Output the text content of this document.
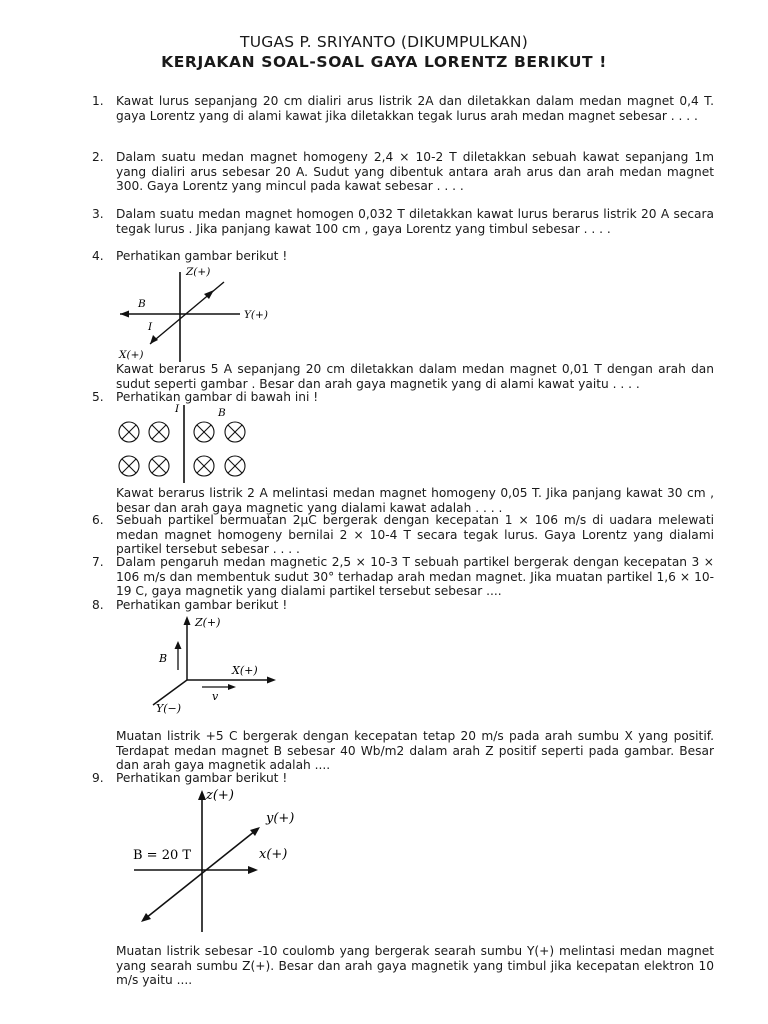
TUGAS P. SRIYANTO (DIKUMPULKAN)
KERJAKAN SOAL-SOAL GAYA LORENTZ BERIKUT !
1.	Kawat lurus sepanjang 20 cm dialiri arus listrik 2A dan diletakkan dalam medan magnet 0,4 T. gaya Lorentz yang di alami kawat jika diletakkan tegak lurus arah medan magnet sebesar . . . .
2.	Dalam suatu medan magnet homogeny 2,4 × 10-2 T diletakkan sebuah kawat sepanjang 1m yang dialiri arus sebesar 20 A. Sudut yang dibentuk antara arah arus dan arah medan magnet 300. Gaya Lorentz yang mincul pada kawat sebesar . . . .
3.	Dalam suatu medan magnet homogen 0,032 T diletakkan kawat lurus berarus listrik 20 A secara tegak lurus . Jika panjang kawat 100 cm , gaya Lorentz yang timbul sebesar . . . .
4.	Perhatikan gambar berikut !
Z(+)
Y(+)
X(+)
B
I
Kawat berarus 5 A sepanjang 20 cm diletakkan dalam medan magnet 0,01 T dengan arah dan sudut seperti gambar . Besar dan arah gaya magnetik yang di alami kawat yaitu . . . .
5.	Perhatikan gambar di bawah ini !
I	B
Kawat berarus listrik 2 A melintasi medan magnet homogeny 0,05 T. Jika panjang kawat 30 cm , besar dan arah gaya magnetic yang dialami kawat adalah . . . .
6.	Sebuah partikel bermuatan 2μC bergerak dengan kecepatan 1 × 106 m/s di uadara melewati medan magnet homogeny bernilai 2 × 10-4 T secara tegak lurus. Gaya Lorentz yang dialami partikel tersebut sebesar . . . .
7.	Dalam pengaruh medan magnetic 2,5 × 10-3 T sebuah partikel bergerak dengan kecepatan 3 × 106 m/s dan membentuk sudut 30° terhadap arah medan magnet. Jika muatan partikel 1,6 × 10-19 C, gaya magnetik yang dialami partikel tersebut sebesar ....
8.	Perhatikan gambar berikut !
Z(+)
X(+)
Y(−)
B
v
Muatan listrik +5 C bergerak dengan kecepatan tetap 20 m/s pada arah sumbu X yang positif. Terdapat medan magnet B sebesar 40 Wb/m2 dalam arah Z positif seperti pada gambar. Besar dan arah gaya magnetik adalah ....
9.	Perhatikan gambar berikut !
z(+)
y(+)
x(+)
B = 20 T
Muatan listrik sebesar -10 coulomb yang bergerak searah sumbu Y(+) melintasi medan magnet yang searah sumbu Z(+). Besar dan arah gaya magnetik yang timbul jika kecepatan elektron 10 m/s yaitu ....
